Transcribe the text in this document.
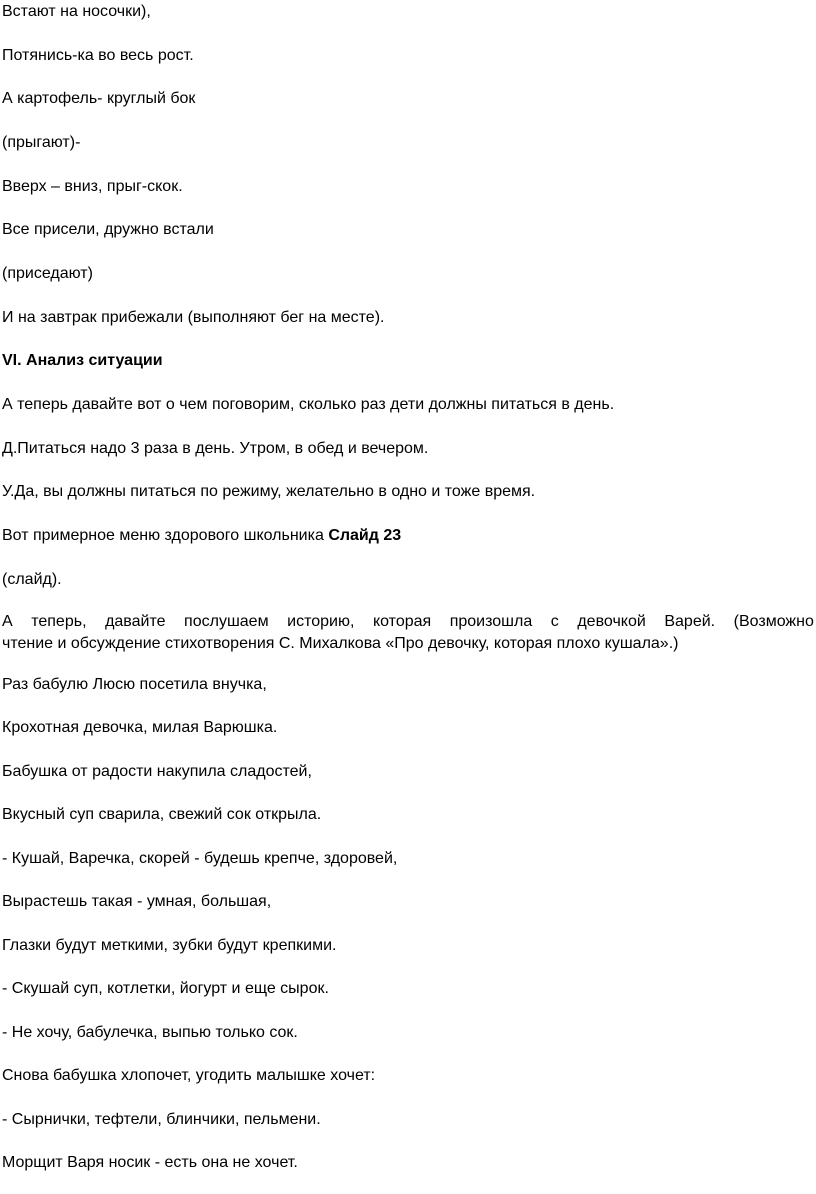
Встают на носочки),
Потянись-ка во весь рост.
А картофель- круглый бок
(прыгают)-
Вверх – вниз, прыг-скок.
Все присели, дружно встали
(приседают)
И на завтрак прибежали (выполняют бег на месте).
VI. Анализ ситуации
А теперь давайте вот о чем поговорим, сколько раз дети должны питаться в день.
Д.Питаться надо 3 раза в день. Утром, в обед и вечером.
У.Да, вы должны питаться по режиму, желательно в одно и тоже время.
Вот примерное меню здорового школьника Слайд 23
(слайд).
А теперь, давайте послушаем историю, которая произошла с девочкой Варей. (Возможно
чтение и обсуждение стихотворения С. Михалкова «Про девочку, которая плохо кушала».)
Раз бабулю Люсю посетила внучка,
Крохотная девочка, милая Варюшка.
Бабушка от радости накупила сладостей,
Вкусный суп сварила, свежий сок открыла.
- Кушай, Варечка, скорей - будешь крепче, здоровей,
Вырастешь такая - умная, большая,
Глазки будут меткими, зубки будут крепкими.
- Скушай суп, котлетки, йогурт и еще сырок.
- Не хочу, бабулечка, выпью только сок.
Снова бабушка хлопочет, угодить малышке хочет:
- Сырнички, тефтели, блинчики, пельмени.
Морщит Варя носик - есть она не хочет.
